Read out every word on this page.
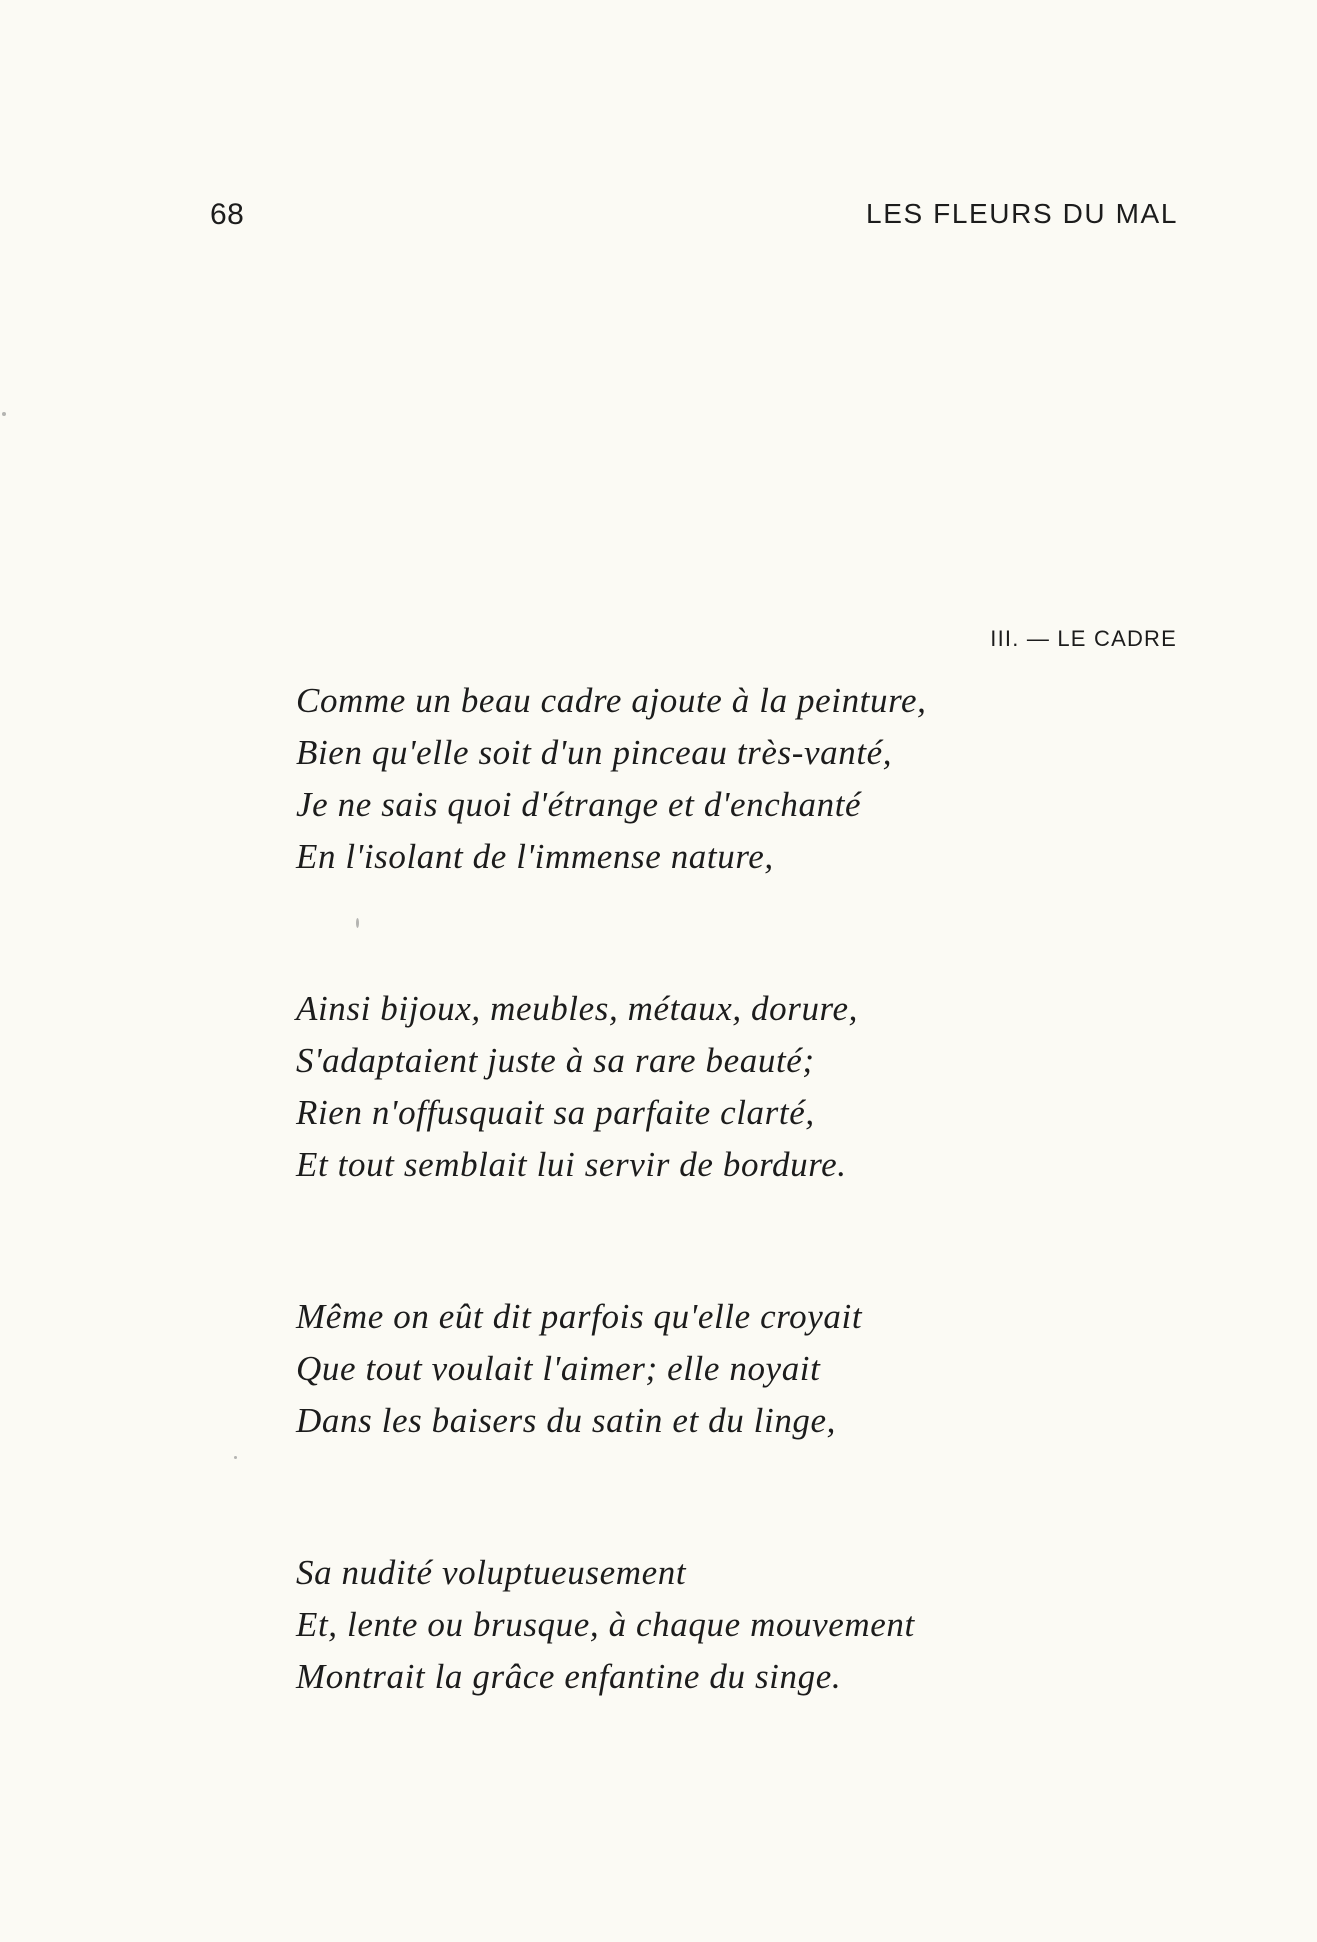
68	LES FLEURS DU MAL
III. — LE CADRE
Comme un beau cadre ajoute à la peinture,
Bien qu'elle soit d'un pinceau très-vanté,
Je ne sais quoi d'étrange et d'enchanté
En l'isolant de l'immense nature,
Ainsi bijoux, meubles, métaux, dorure,
S'adaptaient juste à sa rare beauté;
Rien n'offusquait sa parfaite clarté,
Et tout semblait lui servir de bordure.
Même on eût dit parfois qu'elle croyait
Que tout voulait l'aimer; elle noyait
Dans les baisers du satin et du linge,
Sa nudité voluptueusement
Et, lente ou brusque, à chaque mouvement
Montrait la grâce enfantine du singe.
